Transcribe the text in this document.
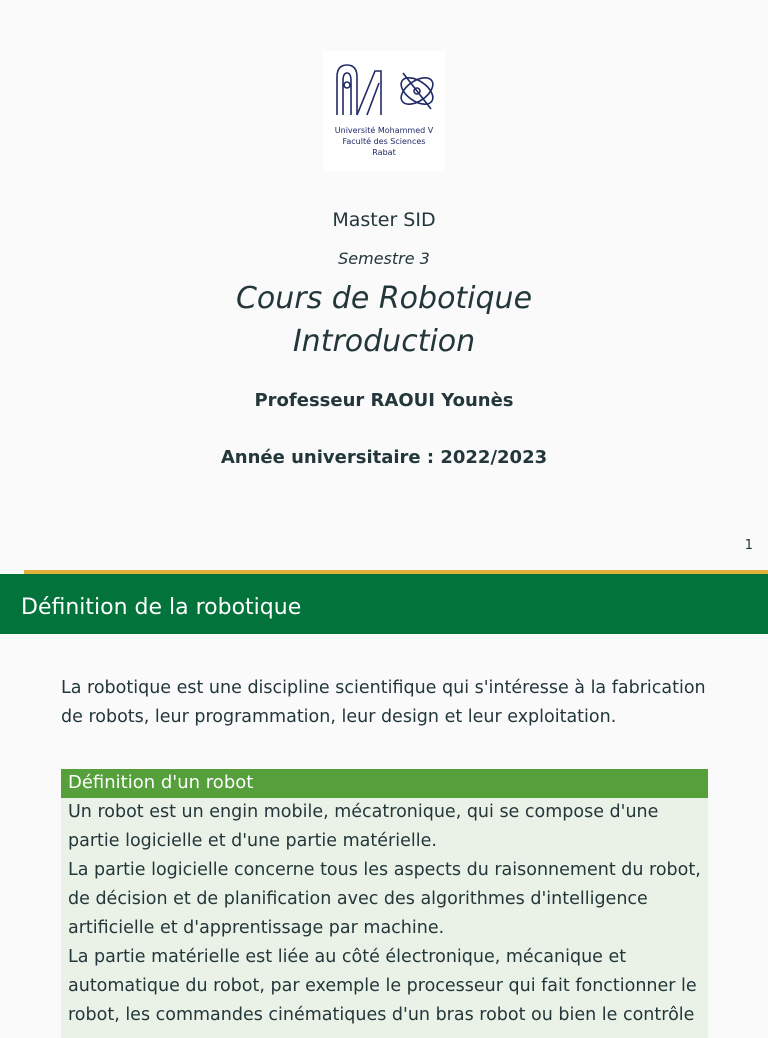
Université Mohammed V
Faculté des Sciences
Rabat
Master SID
Semestre 3
Cours de Robotique
Introduction
Professeur RAOUI Younès
Année universitaire : 2022/2023
1
Définition de la robotique
La robotique est une discipline scientifique qui s'intéresse à la fabrication de robots, leur programmation, leur design et leur exploitation.
Définition d'un robot

Un robot est un engin mobile, mécatronique, qui se compose d'une partie logicielle et d'une partie matérielle.

La partie logicielle concerne tous les aspects du raisonnement du robot, de décision et de planification avec des algorithmes d'intelligence artificielle et d'apprentissage par machine.

La partie matérielle est liée au côté électronique, mécanique et automatique du robot, par exemple le processeur qui fait fonctionner le robot, les commandes cinématiques d'un bras robot ou bien le contrôle
